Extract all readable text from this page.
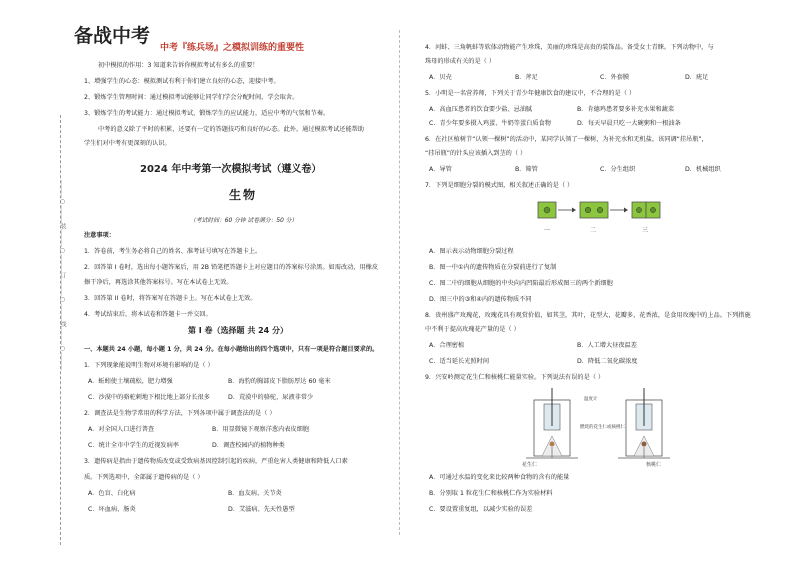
………○………装………○………订………○………线………○………
备战中考
中考『练兵场』之模拟训练的重要性
初中模拟的作用：3 知道来告诉你模拟考试有多么的重要！
1、增强学生的心态：模拟测试有利于你们建立良好的心态，迎接中考。
2、锻炼学生管理时间：通过模拟考试能够让同学们学会分配时间，学会取舍。
3、锻炼学生的考试能力：通过模拟考试，锻炼学生的应试能力，适应中考的气氛和节奏。
中考的意义除了平时的积累，还要有一定的答题技巧和良好的心态。此外，通过模拟考试还能帮助
学生们对中考有更深刻的认识。
2024 年中考第一次模拟考试（遵义卷）
生物
（考试时间：60 分钟 试卷满分：50 分）
注意事项：
1．答卷前，考生务必将自己的姓名、准考证号填写在答题卡上。
2．回答第 I 卷时，选出每小题答案后，用 2B 铅笔把答题卡上对应题目的答案标号涂黑。如需改动，用橡皮
擦干净后，再选涂其他答案标号。写在本试卷上无效。
3．回答第 II 卷时，将答案写在答题卡上。写在本试卷上无效。
4．考试结束后，将本试卷和答题卡一并交回。
第 I 卷（选择题 共 24 分）
一、本题共 24 小题，每小题 1 分，共 24 分。在每小题给出的四个选项中，只有一项是符合题目要求的。
1．下列现象能说明生物对环境有影响的是（ ）
A．蚯蚓使土壤疏松，肥力增强	B．海豹的胸部皮下脂肪厚达 60 毫米
C．沙漠中的骆驼刺地下根比地上部分长很多	D．荒漠中的骆驼，尿液非常少
2．调查法是生物学常用的科学方法，下列各项中属于调查法的是（ ）
A．对全国人口进行普查	B．用显微镜下观察洋葱内表皮细胞
C．统计全市中学生的近视发病率	D．调查校园内的植物种类
3．遗传病是指由于遗传物质改变或受致病基因控制引起的疾病，严重危害人类健康和降低人口素
质。下列选项中，全部属于遗传病的是（ ）
A．色盲、白化病	B．血友病、关节炎
C．坏血病、肠炎	D．艾滋病、先天性愚型
4．河蚌、三角帆蚌等软体动物能产生珍珠，美丽的珍珠是高贵的装饰品。备受女士青睐。下列动物中，与
珠母的形成有关的是（ ）
A．贝壳	B．斧足	C．外套膜	D．疣足
5．小明是一名营养师，下列关于青少年健康饮食的建议中，不合理的是（ ）
A．高血压患者的饮食要少盐、忌油腻	B．肯德鸡患者要多补充水果和蔬菜
C．青少年要多摄入鸡蛋、牛奶等蛋白质食物	D．每天早晨只吃一大碗粥和一根油条
6．在社区植树节“认领一棵树”的活动中，某同学认领了一棵树，为补充水和无机盐，该同调“挂吊瓶”，
“挂吊瓶”的针头应该插入到茎的（ ）
A．导管	B．筛管	C．分生组织	D．机械组织
7．下列是细胞分裂的模式图，相关叙述正确的是（ ）
一	二	三
A．图示表示动物细胞分裂过程
B．图一中①内的遗传物质在分裂前进行了复制
C．图二中的细胞从细胞的中央向内凹陷最后形成图三的两个新细胞
D．图三中的③和④内的遗传物质不同
8．贵州盛产玫瑰花，玫瑰花具有观赏价值，如其茎，其叶，花型大，花瓣多，花香浓，是食用玫瑰中的上品。下列措施
中不利于提高玫瑰花产量的是（ ）
A．合理密植	B．人工增大昼夜温差
C．适当延长光照时间	D．降低二氧化碳浓度
9．兴安岭测定花生仁和核桃仁能量实验。下列说法有误的是（ ）
花生仁
温度计
燃烧的花生仁或核桃仁
核桃仁
A．可通过水温的变化来比较两种食物的含有的能量
B．分别取 1 粒花生仁和核桃仁作为实验材料
C．要设置重复组，以减少实验的误差
